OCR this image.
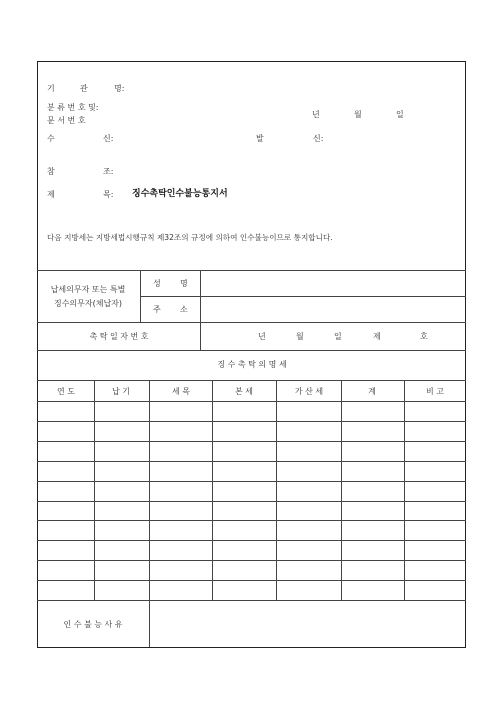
기	관	명:
분 류 번 호 및:
문 서 번 호
년	월	일
수	신:	발	신:
참	조:
제	목: 징수촉탁인수불능통지서
다음 지방세는 지방세법시행규칙 제32조의 규정에 의하여 인수불능이므로 통지합니다.
납세의무자 또는 특별
징수의무자(체납자)
성 명
주 소
촉 탁 일 자 번 호	년	월	일	제	호
징 수 촉 탁 의 명 세
연 도	납 기	세 목	본 세	가 산 세	계	비 고
인 수 불 능 사 유
